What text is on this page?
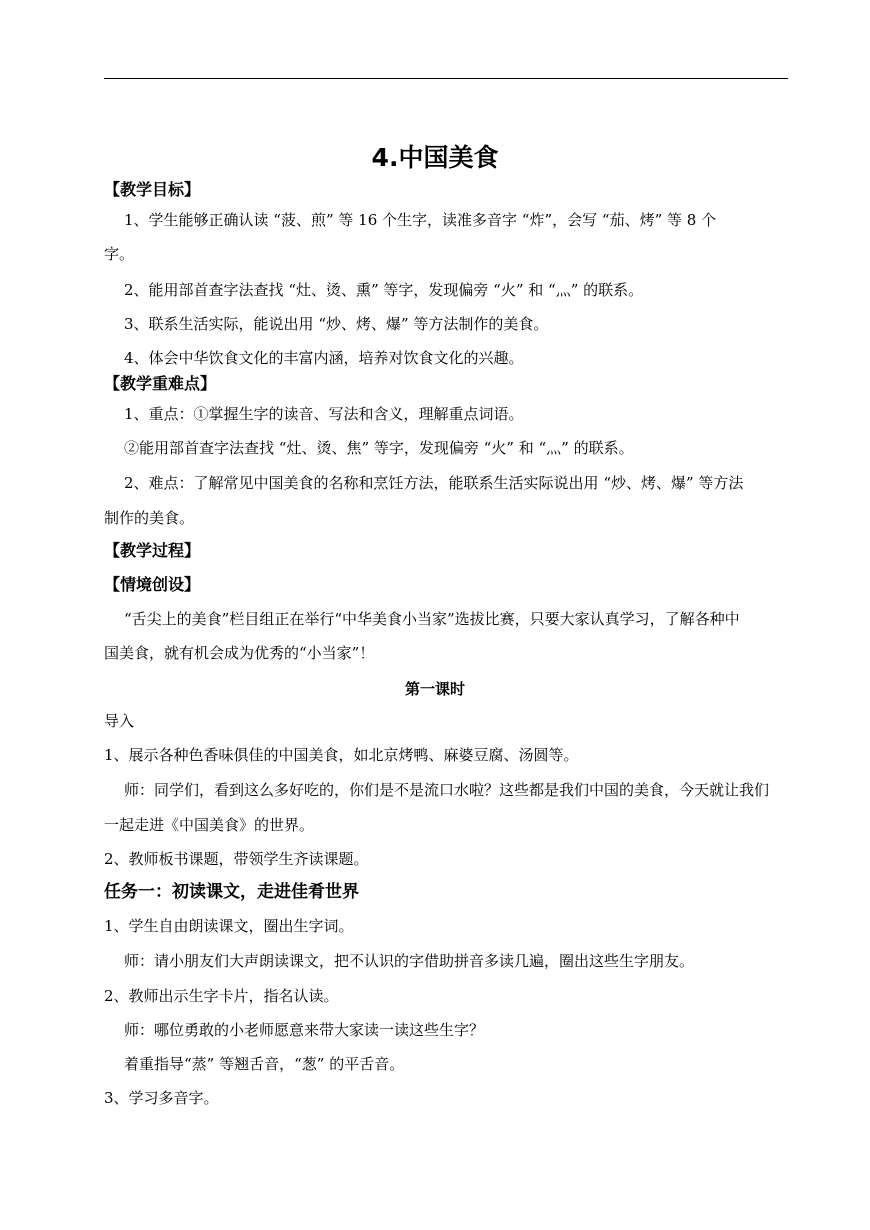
4.中国美食
【教学目标】
1、学生能够正确认读 “菠、煎” 等 16 个生字，读准多音字 “炸”，会写 “茄、烤” 等 8 个
字。
2、能用部首查字法查找 “灶、烫、熏” 等字，发现偏旁 “火” 和 “灬” 的联系。
3、联系生活实际，能说出用 “炒、烤、爆” 等方法制作的美食。
4、体会中华饮食文化的丰富内涵，培养对饮食文化的兴趣。
【教学重难点】
1、重点：①掌握生字的读音、写法和含义，理解重点词语。
②能用部首查字法查找 “灶、烫、焦” 等字，发现偏旁 “火” 和 “灬” 的联系。
2、难点：了解常见中国美食的名称和烹饪方法，能联系生活实际说出用 “炒、烤、爆” 等方法
制作的美食。
【教学过程】
【情境创设】
“舌尖上的美食”栏目组正在举行“中华美食小当家”选拔比赛，只要大家认真学习，了解各种中
国美食，就有机会成为优秀的“小当家”！
第一课时
导入
1、展示各种色香味俱佳的中国美食，如北京烤鸭、麻婆豆腐、汤圆等。
师：同学们，看到这么多好吃的，你们是不是流口水啦？这些都是我们中国的美食，今天就让我们
一起走进《中国美食》的世界。
2、教师板书课题，带领学生齐读课题。
任务一：初读课文，走进佳肴世界
1、学生自由朗读课文，圈出生字词。
师：请小朋友们大声朗读课文，把不认识的字借助拼音多读几遍，圈出这些生字朋友。
2、教师出示生字卡片，指名认读。
师：哪位勇敢的小老师愿意来带大家读一读这些生字？
着重指导“蒸” 等翘舌音，“葱” 的平舌音。
3、学习多音字。
